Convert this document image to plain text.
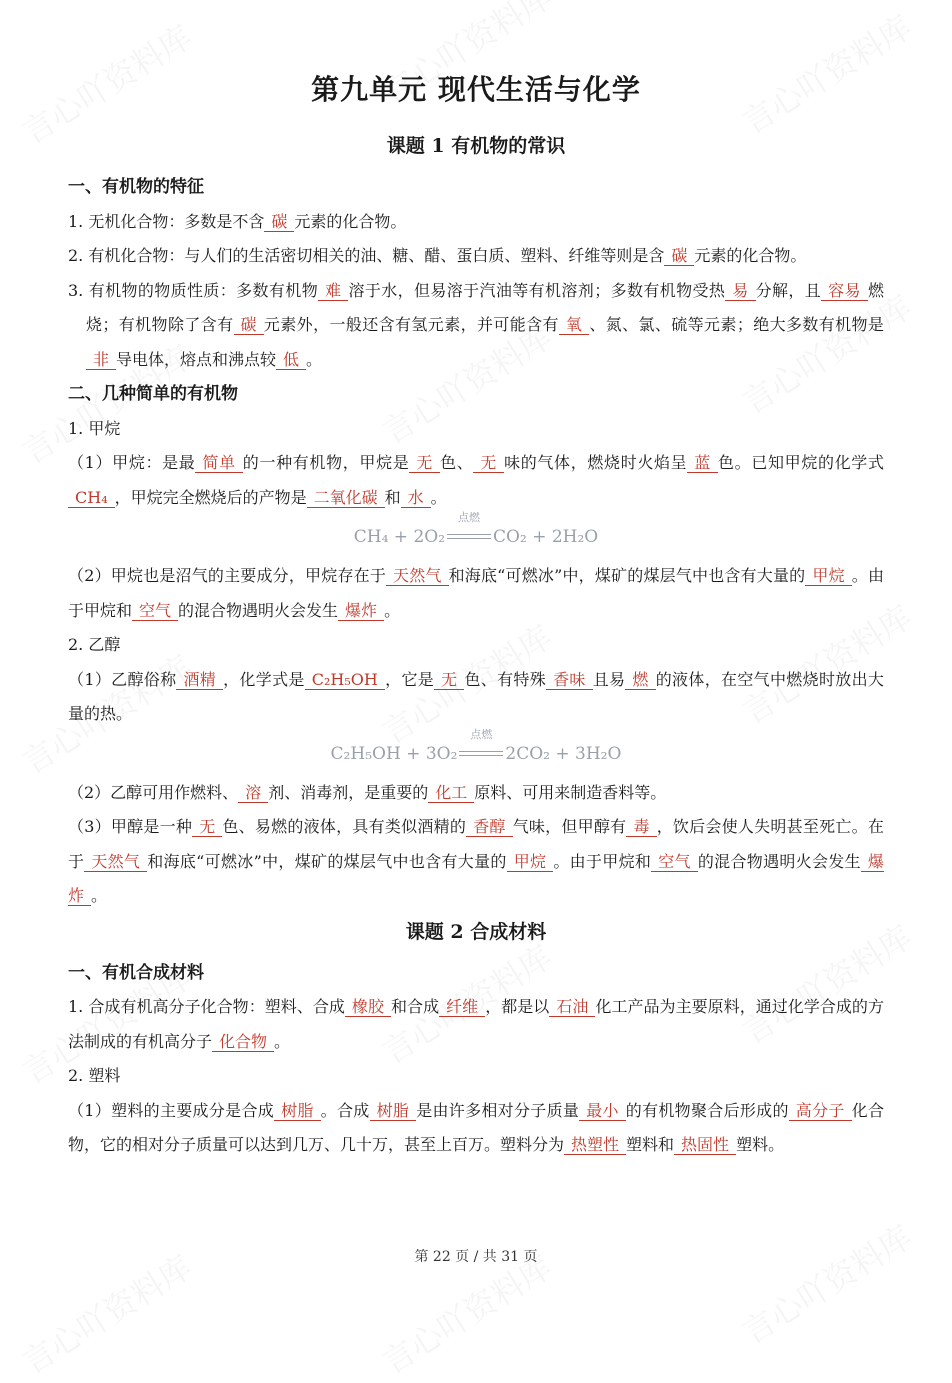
第九单元 现代生活与化学
课题 1 有机物的常识
一、有机物的特征
1. 无机化合物：多数是不含 碳 元素的化合物。
2. 有机化合物：与人们的生活密切相关的油、糖、醋、蛋白质、塑料、纤维等则是含 碳 元素的化合物。
3. 有机物的物质性质：多数有机物 难 溶于水，但易溶于汽油等有机溶剂；多数有机物受热 易 分解，且 容易 燃烧；有机物除了含有 碳 元素外，一般还含有氢元素，并可能含有 氧 、氮、氯、硫等元素；绝大多数有机物是非 导电体，熔点和沸点较 低 。
二、几种简单的有机物
1. 甲烷
（1）甲烷：是最 简单 的一种有机物，甲烷是 无 色、 无 味的气体，燃烧时火焰呈 蓝 色。已知甲烷的化学式CH₄ ，甲烷完全燃烧后的产物是 二氧化碳 和 水 。
CH₄ + 2O₂
点燃
CO₂ + 2H₂O
（2）甲烷也是沼气的主要成分，甲烷存在于 天然气 和海底“可燃冰”中，煤矿的煤层气中也含有大量的 甲烷 。由于甲烷和 空气 的混合物遇明火会发生 爆炸 。
2. 乙醇
（1）乙醇俗称 酒精 ，化学式是 C₂H₅OH ，它是 无 色、有特殊 香味 且易 燃 的液体，在空气中燃烧时放出大量的热。
C₂H₅OH + 3O₂
点燃
2CO₂ + 3H₂O
（2）乙醇可用作燃料、 溶 剂、消毒剂，是重要的 化工 原料、可用来制造香料等。
（3）甲醇是一种 无 色、易燃的液体，具有类似酒精的 香醇 气味，但甲醇有 毒 ，饮后会使人失明甚至死亡。在于 天然气 和海底“可燃冰”中，煤矿的煤层气中也含有大量的 甲烷 。由于甲烷和 空气 的混合物遇明火会发生 爆炸 。
课题 2 合成材料
一、有机合成材料
1. 合成有机高分子化合物：塑料、合成 橡胶 和合成 纤维 ，都是以 石油 化工产品为主要原料，通过化学合成的方法制成的有机高分子 化合物 。
2. 塑料
（1）塑料的主要成分是合成 树脂 。合成 树脂 是由许多相对分子质量 最小 的有机物聚合后形成的 高分子 化合物，它的相对分子质量可以达到几万、几十万，甚至上百万。塑料分为 热塑性 塑料和 热固性 塑料。
第 22 页 / 共 31 页
